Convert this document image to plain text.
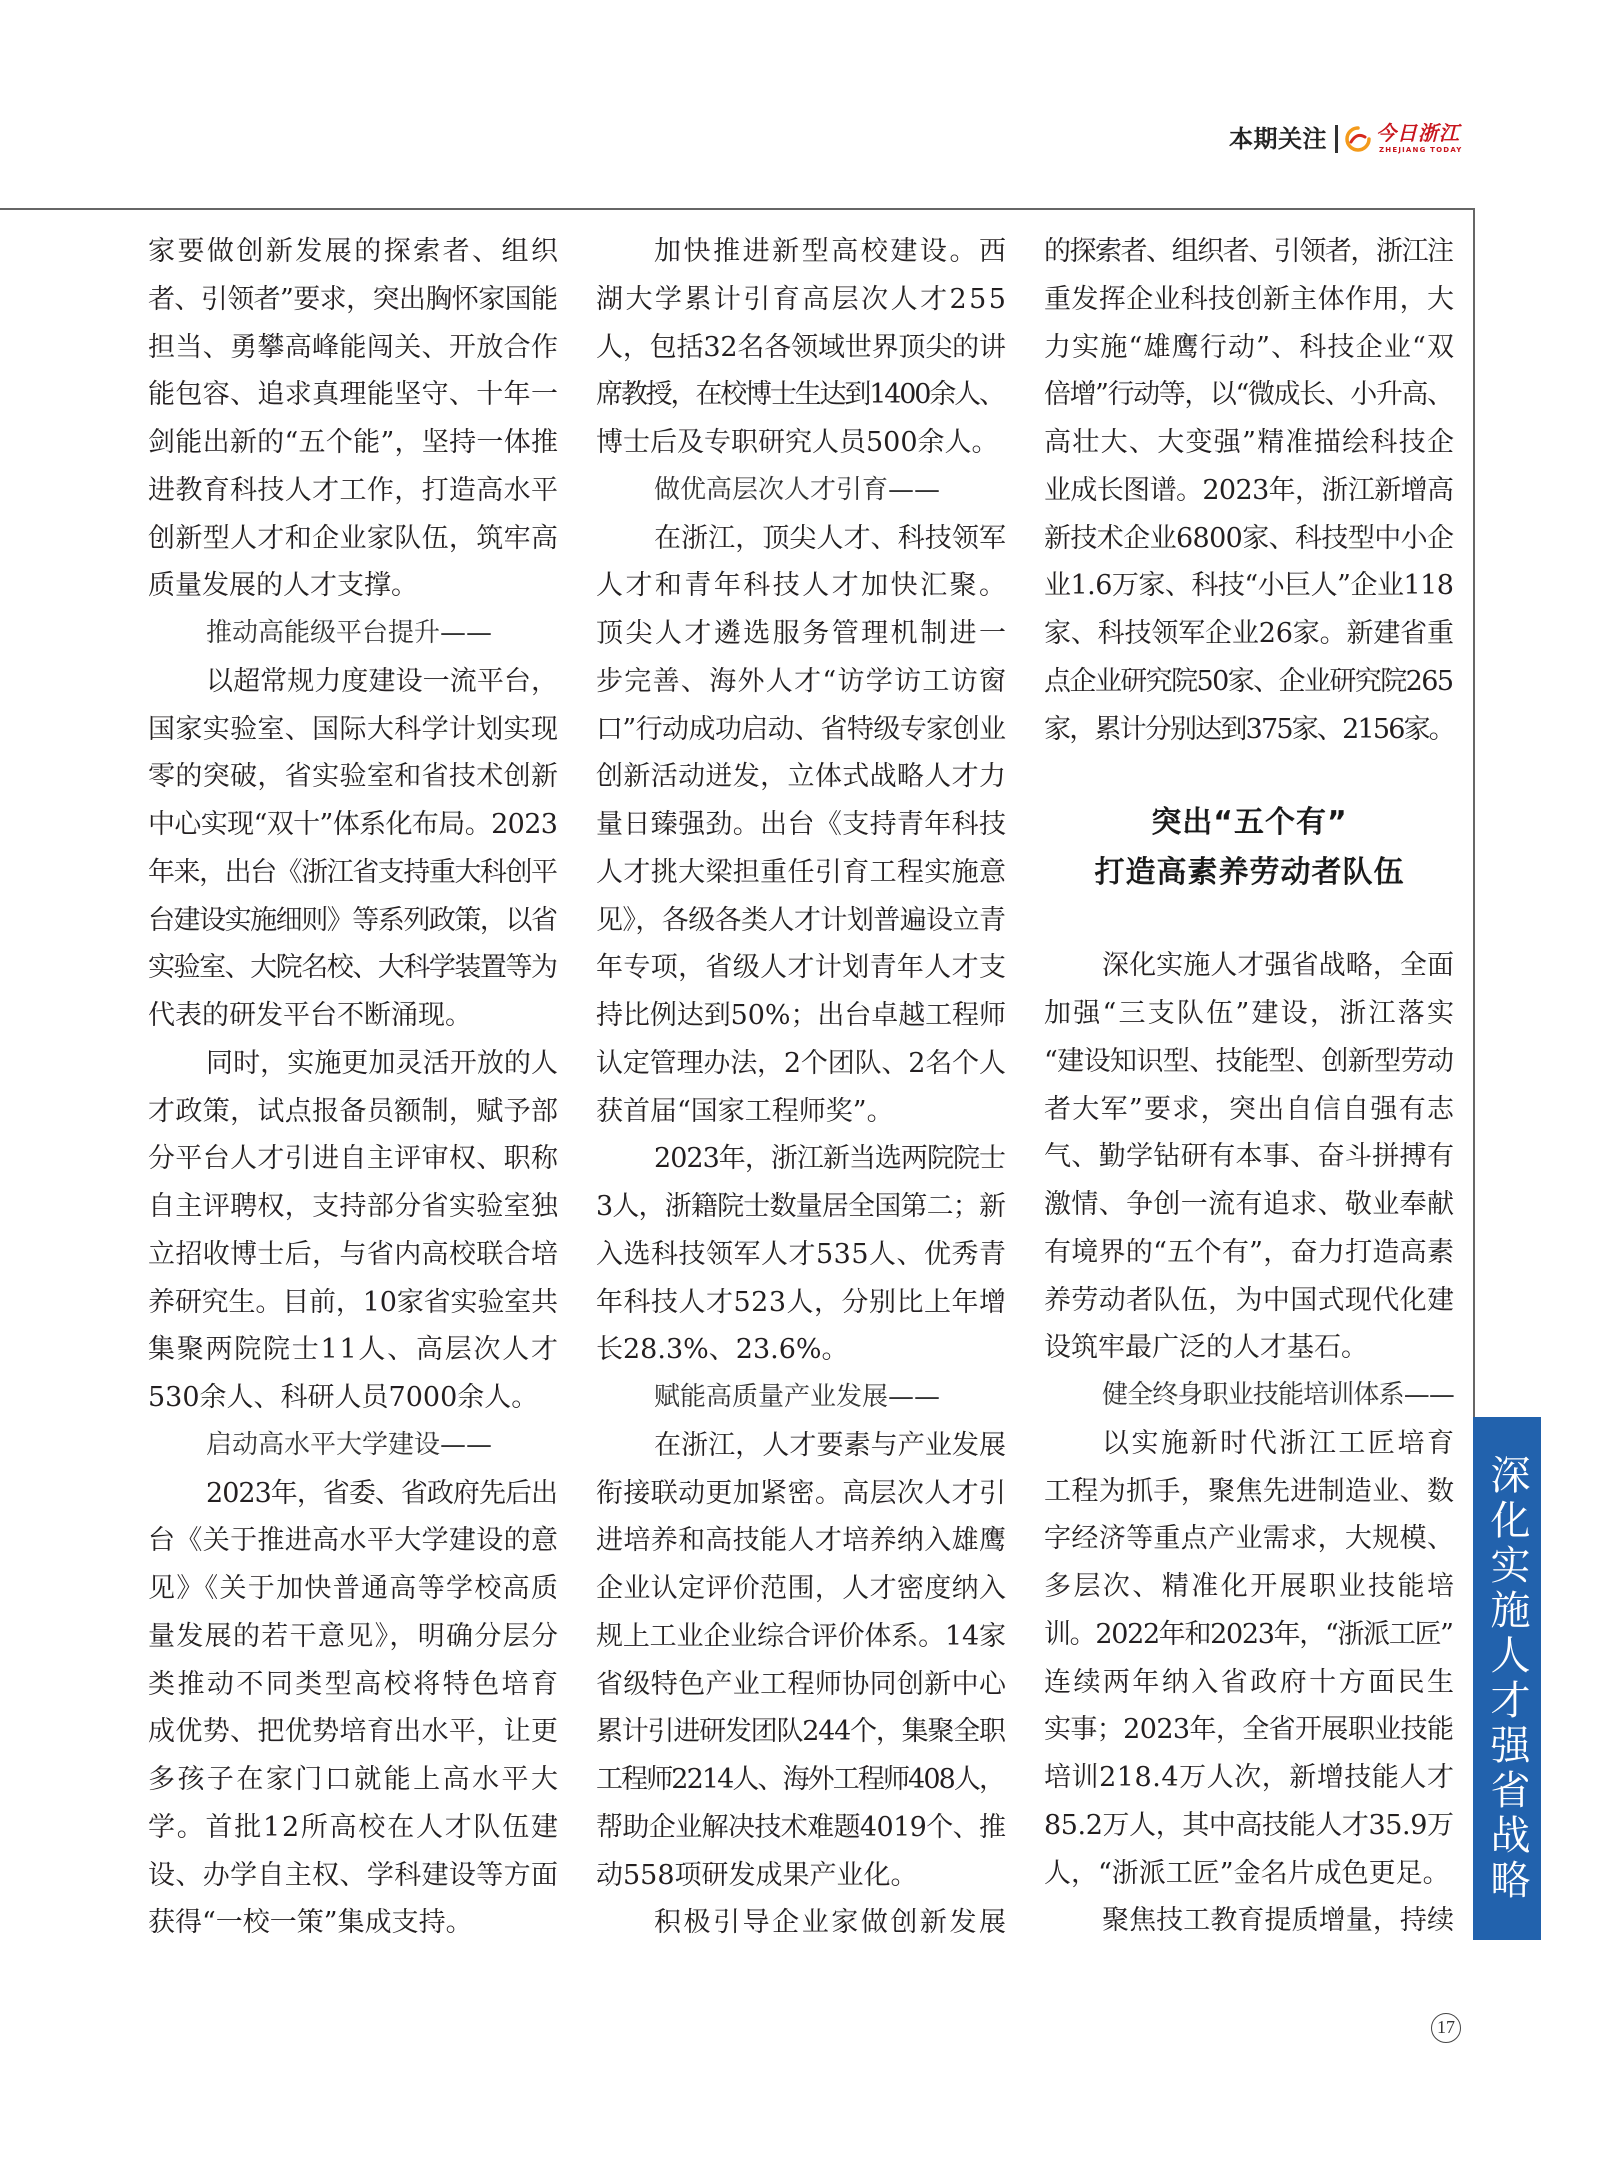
本期关注 今日浙江
ZHEJIANG TODAY
家要做创新发展的探索者、组织
者、引领者”要求，突出胸怀家国能
担当、勇攀高峰能闯关、开放合作
能包容、追求真理能坚守、十年一
剑能出新的“五个能”，坚持一体推
进教育科技人才工作，打造高水平
创新型人才和企业家队伍，筑牢高
质量发展的人才支撑。
推动高能级平台提升——
以超常规力度建设一流平台，
国家实验室、国际大科学计划实现
零的突破，省实验室和省技术创新
中心实现“双十”体系化布局。2023
年来，出台《浙江省支持重大科创平
台建设实施细则》等系列政策，以省
实验室、大院名校、大科学装置等为
代表的研发平台不断涌现。
同时，实施更加灵活开放的人
才政策，试点报备员额制，赋予部
分平台人才引进自主评审权、职称
自主评聘权，支持部分省实验室独
立招收博士后，与省内高校联合培
养研究生。目前，10家省实验室共
集聚两院院士11人、高层次人才
530余人、科研人员7000余人。
启动高水平大学建设——
2023年，省委、省政府先后出
台《关于推进高水平大学建设的意
见》《关于加快普通高等学校高质
量发展的若干意见》，明确分层分
类推动不同类型高校将特色培育
成优势、把优势培育出水平，让更
多孩子在家门口就能上高水平大
学。首批12所高校在人才队伍建
设、办学自主权、学科建设等方面
获得“一校一策”集成支持。
加快推进新型高校建设。西
湖大学累计引育高层次人才255
人，包括32名各领域世界顶尖的讲
席教授，在校博士生达到1400余人、
博士后及专职研究人员500余人。
做优高层次人才引育——
在浙江，顶尖人才、科技领军
人才和青年科技人才加快汇聚。
顶尖人才遴选服务管理机制进一
步完善、海外人才“访学访工访窗
口”行动成功启动、省特级专家创业
创新活动迸发，立体式战略人才力
量日臻强劲。出台《支持青年科技
人才挑大梁担重任引育工程实施意
见》，各级各类人才计划普遍设立青
年专项，省级人才计划青年人才支
持比例达到50%；出台卓越工程师
认定管理办法，2个团队、2名个人
获首届“国家工程师奖”。
2023年，浙江新当选两院院士
3人，浙籍院士数量居全国第二；新
入选科技领军人才535人、优秀青
年科技人才523人，分别比上年增
长28.3%、23.6%。
赋能高质量产业发展——
在浙江，人才要素与产业发展
衔接联动更加紧密。高层次人才引
进培养和高技能人才培养纳入雄鹰
企业认定评价范围，人才密度纳入
规上工业企业综合评价体系。14家
省级特色产业工程师协同创新中心
累计引进研发团队244个，集聚全职
工程师2214人、海外工程师408人，
帮助企业解决技术难题4019个、推
动558项研发成果产业化。
积极引导企业家做创新发展
的探索者、组织者、引领者，浙江注
重发挥企业科技创新主体作用，大
力实施“雄鹰行动”、科技企业“双
倍增”行动等，以“微成长、小升高、
高壮大、大变强”精准描绘科技企
业成长图谱。2023年，浙江新增高
新技术企业6800家、科技型中小企
业1.6万家、科技“小巨人”企业118
家、科技领军企业26家。新建省重
点企业研究院50家、企业研究院265
家，累计分别达到375家、2156家。
突出“五个有”
打造高素养劳动者队伍
深化实施人才强省战略，全面
加强“三支队伍”建设，浙江落实
“建设知识型、技能型、创新型劳动
者大军”要求，突出自信自强有志
气、勤学钻研有本事、奋斗拼搏有
激情、争创一流有追求、敬业奉献
有境界的“五个有”，奋力打造高素
养劳动者队伍，为中国式现代化建
设筑牢最广泛的人才基石。
健全终身职业技能培训体系——
以实施新时代浙江工匠培育
工程为抓手，聚焦先进制造业、数
字经济等重点产业需求，大规模、
多层次、精准化开展职业技能培
训。2022年和2023年，“浙派工匠”
连续两年纳入省政府十方面民生
实事；2023年，全省开展职业技能
培训218.4万人次，新增技能人才
85.2万人，其中高技能人才35.9万
人，“浙派工匠”金名片成色更足。
聚焦技工教育提质增量，持续
深化实施人才强省战略
17
